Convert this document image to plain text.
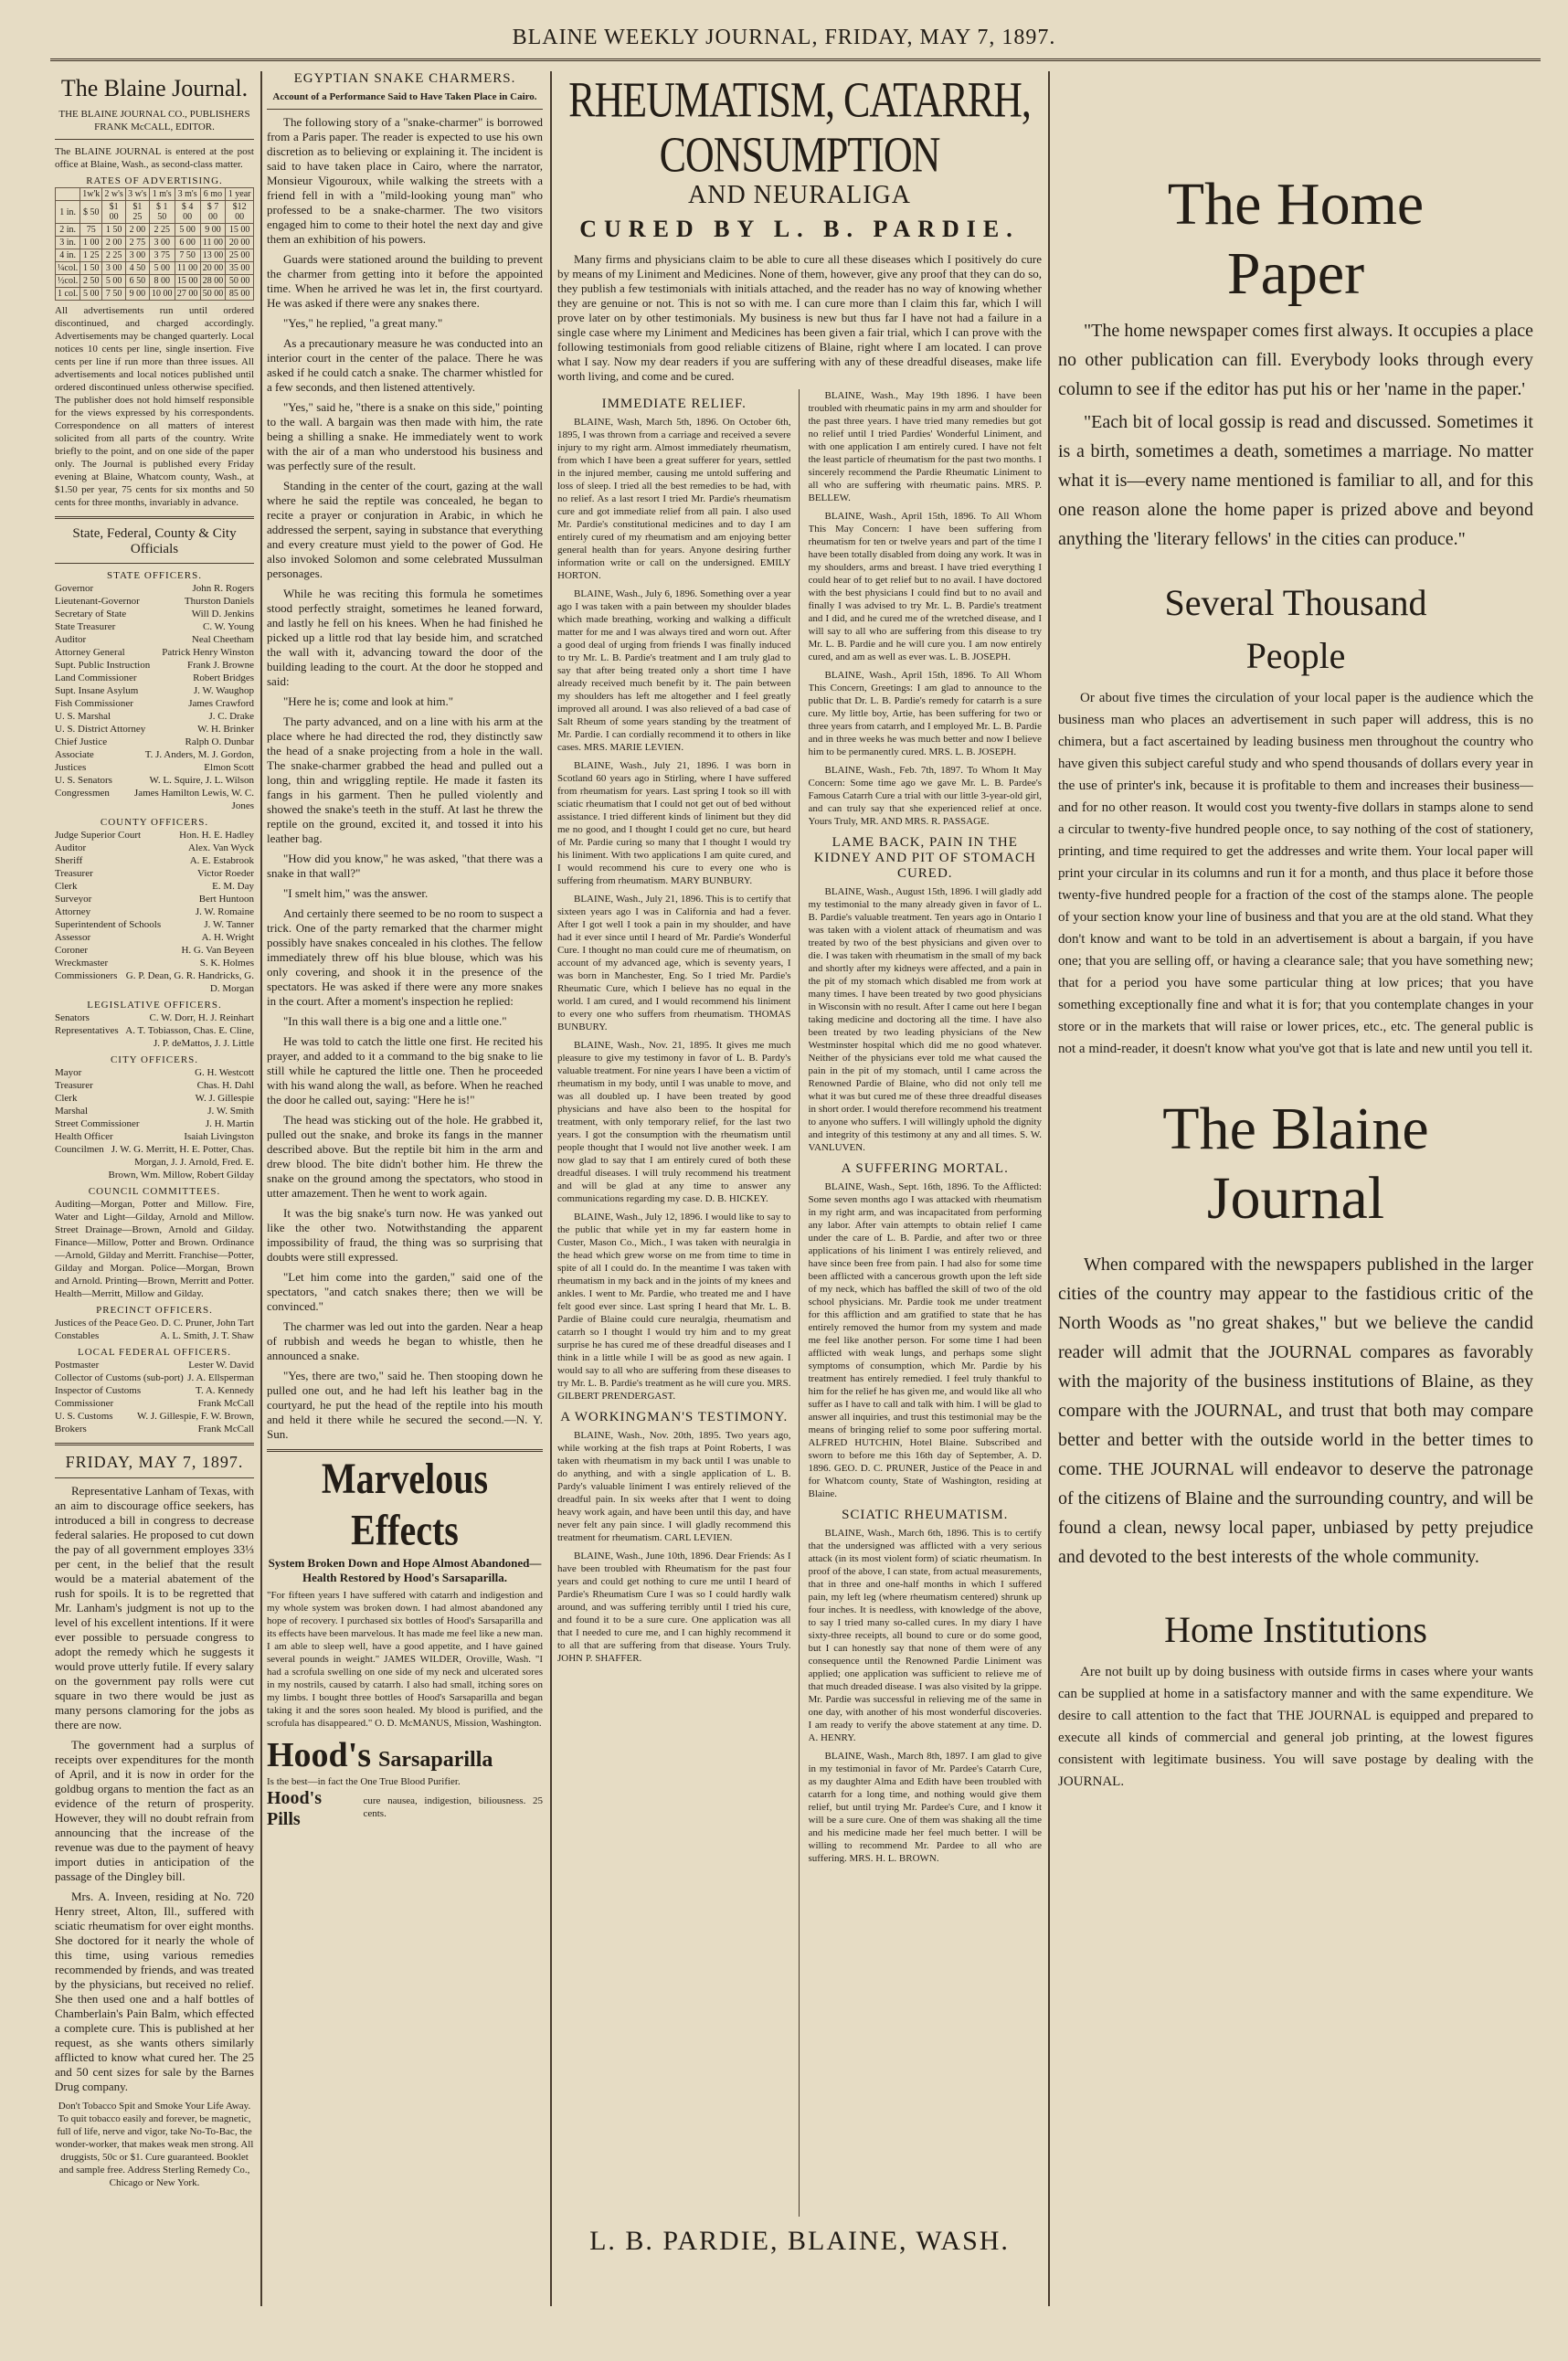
BLAINE WEEKLY JOURNAL, FRIDAY, MAY 7, 1897.
The Blaine Journal.
THE BLAINE JOURNAL CO., PUBLISHERS
FRANK McCALL, EDITOR.
The BLAINE JOURNAL is entered at the post office at Blaine, Wash., as second-class matter.
RATES OF ADVERTISING.
	1w'k	2 w's	3 w's	1 m's	3 m's	6 mo	1 year
1 in.	$ 50	$1 00	$1 25	$ 1 50	$ 4 00	$ 7 00	$12 00
2 in.	75	1 50	2 00	2 25	5 00	9 00	15 00
3 in.	1 00	2 00	2 75	3 00	6 00	11 00	20 00
4 in.	1 25	2 25	3 00	3 75	7 50	13 00	25 00
¼col.	1 50	3 00	4 50	5 00	11 00	20 00	35 00
½col.	2 50	5 00	6 50	8 00	15 00	28 00	50 00
1 col.	5 00	7 50	9 00	10 00	27 00	50 00	85 00
All advertisements run until ordered discontinued, and charged accordingly. Advertisements may be changed quarterly. Local notices 10 cents per line, single insertion. Five cents per line if run more than three issues. All advertisements and local notices published until ordered discontinued unless otherwise specified. The publisher does not hold himself responsible for the views expressed by his correspondents. Correspondence on all matters of interest solicited from all parts of the country. Write briefly to the point, and on one side of the paper only. The Journal is published every Friday evening at Blaine, Whatcom county, Wash., at $1.50 per year, 75 cents for six months and 50 cents for three months, invariably in advance.
State, Federal, County & City Officials
STATE OFFICERS.
Governor	John R. Rogers
Lieutenant-Governor	Thurston Daniels
Secretary of State	Will D. Jenkins
State Treasurer	C. W. Young
Auditor	Neal Cheetham
Attorney General	Patrick Henry Winston
Supt. Public Instruction	Frank J. Browne
Land Commissioner	Robert Bridges
Supt. Insane Asylum	J. W. Waughop
Fish Commissioner	James Crawford
U. S. Marshal	J. C. Drake
U. S. District Attorney	W. H. Brinker
Chief Justice	Ralph O. Dunbar
Associate Justices
T. J. Anders, M. J. Gordon, Elmon Scott
U. S. Senators	W. L. Squire, J. L. Wilson
Congressmen	James Hamilton Lewis, W. C. Jones
COUNTY OFFICERS.
Judge Superior Court	Hon. H. E. Hadley
Auditor	Alex. Van Wyck
Sheriff	A. E. Estabrook
Treasurer	Victor Roeder
Clerk	E. M. Day
Surveyor	Bert Huntoon
Attorney	J. W. Romaine
Superintendent of Schools	J. W. Tanner
Assessor	A. H. Wright
Coroner	H. G. Van Beyeen
Wreckmaster	S. K. Holmes
Commissioners G. P. Dean, G. R. Handricks, G. D. Morgan
LEGISLATIVE OFFICERS.
Senators	C. W. Dorr, H. J. Reinhart
Representatives A. T. Tobiasson, Chas. E. Cline, J. P. deMattos, J. J. Little
CITY OFFICERS.
Mayor	G. H. Westcott
Treasurer	Chas. H. Dahl
Clerk	W. J. Gillespie
Marshal	J. W. Smith
Street Commissioner	J. H. Martin
Health Officer	Isaiah Livingston
Councilmen J. W. G. Merritt, H. E. Potter, Chas. Morgan, J. J. Arnold, Fred. E. Brown, Wm. Millow, Robert Gilday
COUNCIL COMMITTEES.
Auditing—Morgan, Potter and Millow. Fire, Water and Light—Gilday, Arnold and Millow. Street Drainage—Brown, Arnold and Gilday. Finance—Millow, Potter and Brown. Ordinance—Arnold, Gilday and Merritt. Franchise—Potter, Gilday and Morgan. Police—Morgan, Brown and Arnold. Printing—Brown, Merritt and Potter. Health—Merritt, Millow and Gilday.
PRECINCT OFFICERS.
Justices of the Peace Geo. D. C. Pruner, John Tart
Constables	A. L. Smith, J. T. Shaw
LOCAL FEDERAL OFFICERS.
Postmaster	Lester W. David
Collector of Customs (sub-port) J. A. Ellsperman
Inspector of Customs	T. A. Kennedy
Commissioner	Frank McCall
U. S. Customs Brokers
W. J. Gillespie, F. W. Brown, Frank McCall
FRIDAY, MAY 7, 1897.

Representative Lanham of Texas, with an aim to discourage office seekers, has introduced a bill in congress to decrease federal salaries. He proposed to cut down the pay of all government employes 33⅓ per cent, in the belief that the result would be a material abatement of the rush for spoils. It is to be regretted that Mr. Lanham's judgment is not up to the level of his excellent intentions. If it were ever possible to persuade congress to adopt the remedy which he suggests it would prove utterly futile. If every salary on the government pay rolls were cut square in two there would be just as many persons clamoring for the jobs as there are now.

The government had a surplus of receipts over expenditures for the month of April, and it is now in order for the goldbug organs to mention the fact as an evidence of the return of prosperity. However, they will no doubt refrain from announcing that the increase of the revenue was due to the payment of heavy import duties in anticipation of the passage of the Dingley bill.

Mrs. A. Inveen, residing at No. 720 Henry street, Alton, Ill., suffered with sciatic rheumatism for over eight months. She doctored for it nearly the whole of this time, using various remedies recommended by friends, and was treated by the physicians, but received no relief. She then used one and a half bottles of Chamberlain's Pain Balm, which effected a complete cure. This is published at her request, as she wants others similarly afflicted to know what cured her. The 25 and 50 cent sizes for sale by the Barnes Drug company.

Don't Tobacco Spit and Smoke Your Life Away. To quit tobacco easily and forever, be magnetic, full of life, nerve and vigor, take No-To-Bac, the wonder-worker, that makes weak men strong. All druggists, 50c or $1. Cure guaranteed. Booklet and sample free. Address Sterling Remedy Co., Chicago or New York.
EGYPTIAN SNAKE CHARMERS.
Account of a Performance Said to Have Taken Place in Cairo.

The following story of a "snake-charmer" is borrowed from a Paris paper. The reader is expected to use his own discretion as to believing or explaining it. The incident is said to have taken place in Cairo, where the narrator, Monsieur Vigouroux, while walking the streets with a friend fell in with a "mild-looking young man" who professed to be a snake-charmer. The two visitors engaged him to come to their hotel the next day and give them an exhibition of his powers.

Guards were stationed around the building to prevent the charmer from getting into it before the appointed time. When he arrived he was let in, the first courtyard. He was asked if there were any snakes there.

"Yes," he replied, "a great many."

As a precautionary measure he was conducted into an interior court in the center of the palace. There he was asked if he could catch a snake. The charmer whistled for a few seconds, and then listened attentively.

"Yes," said he, "there is a snake on this side," pointing to the wall. A bargain was then made with him, the rate being a shilling a snake. He immediately went to work with the air of a man who understood his business and was perfectly sure of the result.

Standing in the center of the court, gazing at the wall where he said the reptile was concealed, he began to recite a prayer or conjuration in Arabic, in which he addressed the serpent, saying in substance that everything and every creature must yield to the power of God. He also invoked Solomon and some celebrated Mussulman personages.

While he was reciting this formula he sometimes stood perfectly straight, sometimes he leaned forward, and lastly he fell on his knees. When he had finished he picked up a little rod that lay beside him, and scratched the wall with it, advancing toward the door of the building leading to the court. At the door he stopped and said:

"Here he is; come and look at him."

The party advanced, and on a line with his arm at the place where he had directed the rod, they distinctly saw the head of a snake projecting from a hole in the wall. The snake-charmer grabbed the head and pulled out a long, thin and wriggling reptile. He made it fasten its fangs in his garment. Then he pulled violently and showed the snake's teeth in the stuff. At last he threw the reptile on the ground, excited it, and tossed it into his leather bag.

"How did you know," he was asked, "that there was a snake in that wall?"

"I smelt him," was the answer.

And certainly there seemed to be no room to suspect a trick. One of the party remarked that the charmer might possibly have snakes concealed in his clothes. The fellow immediately threw off his blue blouse, which was his only covering, and shook it in the presence of the spectators. He was asked if there were any more snakes in the court. After a moment's inspection he replied:

"In this wall there is a big one and a little one."

He was told to catch the little one first. He recited his prayer, and added to it a command to the big snake to lie still while he captured the little one. Then he proceeded with his wand along the wall, as before. When he reached the door he called out, saying: "Here he is!"

The head was sticking out of the hole. He grabbed it, pulled out the snake, and broke its fangs in the manner described above. But the reptile bit him in the arm and drew blood. The bite didn't bother him. He threw the snake on the ground among the spectators, who stood in utter amazement. Then he went to work again.

It was the big snake's turn now. He was yanked out like the other two. Notwithstanding the apparent impossibility of fraud, the thing was so surprising that doubts were still expressed.

"Let him come into the garden," said one of the spectators, "and catch snakes there; then we will be convinced."

The charmer was led out into the garden. Near a heap of rubbish and weeds he began to whistle, then he announced a snake.

"Yes, there are two," said he. Then stooping down he pulled one out, and he had left his leather bag in the courtyard, he put the head of the reptile into his mouth and held it there while he secured the second.—N. Y. Sun.

Marvelous Effects
System Broken Down and Hope Almost Abandoned—Health Restored by Hood's Sarsaparilla.
"For fifteen years I have suffered with catarrh and indigestion and my whole system was broken down. I had almost abandoned any hope of recovery. I purchased six bottles of Hood's Sarsaparilla and its effects have been marvelous. It has made me feel like a new man. I am able to sleep well, have a good appetite, and I have gained several pounds in weight." JAMES WILDER, Oroville, Wash. "I had a scrofula swelling on one side of my neck and ulcerated sores in my nostrils, caused by catarrh. I also had small, itching sores on my limbs. I bought three bottles of Hood's Sarsaparilla and began taking it and the sores soon healed. My blood is purified, and the scrofula has disappeared." O. D. McMANUS, Mission, Washington.
Hood's Sarsaparilla
Is the best—in fact the One True Blood Purifier.
Hood's Pills
cure nausea, indigestion, biliousness. 25 cents.
RHEUMATISM, CATARRH, CONSUMPTION
AND NEURALIGA
CURED BY L. B. PARDIE.

Many firms and physicians claim to be able to cure all these diseases which I positively do cure by means of my Liniment and Medicines. None of them, however, give any proof that they can do so, they publish a few testimonials with initials attached, and the reader has no way of knowing whether they are genuine or not. This is not so with me. I can cure more than I claim this far, which I will prove later on by other testimonials. My business is new but thus far I have not had a failure in a single case where my Liniment and Medicines has been given a fair trial, which I can prove with the following testimonials from good reliable citizens of Blaine, right where I am located. I can prove what I say. Now my dear readers if you are suffering with any of these dreadful diseases, make life worth living, and come and be cured.

IMMEDIATE RELIEF.

BLAINE, Wash, March 5th, 1896. On October 6th, 1895, I was thrown from a carriage and received a severe injury to my right arm. Almost immediately rheumatism, from which I have been a great sufferer for years, settled in the injured member, causing me untold suffering and loss of sleep. I tried all the best remedies to be had, with no relief. As a last resort I tried Mr. Pardie's rheumatism cure and got immediate relief from all pain. I also used Mr. Pardie's constitutional medicines and to day I am entirely cured of my rheumatism and am enjoying better general health than for years. Anyone desiring further information write or call on the undersigned. EMILY HORTON.

BLAINE, Wash., July 6, 1896. Something over a year ago I was taken with a pain between my shoulder blades which made breathing, working and walking a difficult matter for me and I was always tired and worn out. After a good deal of urging from friends I was finally induced to try Mr. L. B. Pardie's treatment and I am truly glad to say that after being treated only a short time I have already received much benefit by it. The pain between my shoulders has left me altogether and I feel greatly improved all around. I was also relieved of a bad case of Salt Rheum of some years standing by the treatment of Mr. Pardie. I can cordially recommend it to others in like cases. MRS. MARIE LEVIEN.

BLAINE, Wash., July 21, 1896. I was born in Scotland 60 years ago in Stirling, where I have suffered from rheumatism for years. Last spring I took so ill with sciatic rheumatism that I could not get out of bed without assistance. I tried different kinds of liniment but they did me no good, and I thought I could get no cure, but heard of Mr. Pardie curing so many that I thought I would try his liniment. With two applications I am quite cured, and I would recommend his cure to every one who is suffering from rheumatism. MARY BUNBURY.

BLAINE, Wash., July 21, 1896. This is to certify that sixteen years ago I was in California and had a fever. After I got well I took a pain in my shoulder, and have had it ever since until I heard of Mr. Pardie's Wonderful Cure. I thought no man could cure me of rheumatism, on account of my advanced age, which is seventy years, I was born in Manchester, Eng. So I tried Mr. Pardie's Rheumatic Cure, which I believe has no equal in the world. I am cured, and I would recommend his liniment to every one who suffers from rheumatism. THOMAS BUNBURY.

BLAINE, Wash., Nov. 21, 1895. It gives me much pleasure to give my testimony in favor of L. B. Pardy's valuable treatment. For nine years I have been a victim of rheumatism in my body, until I was unable to move, and was all doubled up. I have been treated by good physicians and have also been to the hospital for treatment, with only temporary relief, for the last two years. I got the consumption with the rheumatism until people thought that I would not live another week. I am now glad to say that I am entirely cured of both these dreadful diseases. I will truly recommend his treatment and will be glad at any time to answer any communications regarding my case. D. B. HICKEY.

BLAINE, Wash., July 12, 1896. I would like to say to the public that while yet in my far eastern home in Custer, Mason Co., Mich., I was taken with neuralgia in the head which grew worse on me from time to time in spite of all I could do. In the meantime I was taken with rheumatism in my back and in the joints of my knees and ankles. I went to Mr. Pardie, who treated me and I have felt good ever since. Last spring I heard that Mr. L. B. Pardie of Blaine could cure neuralgia, rheumatism and catarrh so I thought I would try him and to my great surprise he has cured me of these dreadful diseases and I think in a little while I will be as good as new again. I would say to all who are suffering from these diseases to try Mr. L. B. Pardie's treatment as he will cure you. MRS. GILBERT PRENDERGAST.

A WORKINGMAN'S TESTIMONY.

BLAINE, Wash., Nov. 20th, 1895. Two years ago, while working at the fish traps at Point Roberts, I was taken with rheumatism in my back until I was unable to do anything, and with a single application of L. B. Pardy's valuable liniment I was entirely relieved of the dreadful pain. In six weeks after that I went to doing heavy work again, and have been until this day, and have never felt any pain since. I will gladly recommend this treatment for rheumatism. CARL LEVIEN.

BLAINE, Wash., June 10th, 1896. Dear Friends: As I have been troubled with Rheumatism for the past four years and could get nothing to cure me until I heard of Pardie's Rheumatism Cure I was so I could hardly walk around, and was suffering terribly until I tried his cure, and found it to be a sure cure. One application was all that I needed to cure me, and I can highly recommend it to all that are suffering from that disease. Yours Truly. JOHN P. SHAFFER.

BLAINE, Wash., May 19th 1896. I have been troubled with rheumatic pains in my arm and shoulder for the past three years. I have tried many remedies but got no relief until I tried Pardies' Wonderful Liniment, and with one application I am entirely cured. I have not felt the least particle of rheumatism for the past two months. I sincerely recommend the Pardie Rheumatic Liniment to all who are suffering with rheumatic pains. MRS. P. BELLEW.

BLAINE, Wash., April 15th, 1896. To All Whom This May Concern: I have been suffering from rheumatism for ten or twelve years and part of the time I have been totally disabled from doing any work. It was in my shoulders, arms and breast. I have tried everything I could hear of to get relief but to no avail. I have doctored with the best physicians I could find but to no avail and finally I was advised to try Mr. L. B. Pardie's treatment and I did, and he cured me of the wretched disease, and I will say to all who are suffering from this disease to try Mr. L. B. Pardie and he will cure you. I am now entirely cured, and am as well as ever was. L. B. JOSEPH.

BLAINE, Wash., April 15th, 1896. To All Whom This Concern, Greetings: I am glad to announce to the public that Dr. L. B. Pardie's remedy for catarrh is a sure cure. My little boy, Artie, has been suffering for two or three years from catarrh, and I employed Mr. L. B. Pardie and in three weeks he was much better and now I believe him to be permanently cured. MRS. L. B. JOSEPH.

BLAINE, Wash., Feb. 7th, 1897. To Whom It May Concern: Some time ago we gave Mr. L. B. Pardee's Famous Catarrh Cure a trial with our little 3-year-old girl, and can truly say that she experienced relief at once. Yours Truly, MR. AND MRS. R. PASSAGE.

LAME BACK, PAIN IN THE KIDNEY AND PIT OF STOMACH CURED.

BLAINE, Wash., August 15th, 1896. I will gladly add my testimonial to the many already given in favor of L. B. Pardie's valuable treatment. Ten years ago in Ontario I was taken with a violent attack of rheumatism and was treated by two of the best physicians and given over to die. I was taken with rheumatism in the small of my back and shortly after my kidneys were affected, and a pain in the pit of my stomach which disabled me from work at many times. I have been treated by two good physicians in Wisconsin with no result. After I came out here I began taking medicine and doctoring all the time. I have also been treated by two leading physicians of the New Westminster hospital which did me no good whatever. Neither of the physicians ever told me what caused the pain in the pit of my stomach, until I came across the Renowned Pardie of Blaine, who did not only tell me what it was but cured me of these three dreadful diseases in short order. I would therefore recommend his treatment to anyone who suffers. I will willingly uphold the dignity and integrity of this testimony at any and all times. S. W. VANLUVEN.

A SUFFERING MORTAL.

BLAINE, Wash., Sept. 16th, 1896. To the Afflicted: Some seven months ago I was attacked with rheumatism in my right arm, and was incapacitated from performing any labor. After vain attempts to obtain relief I came under the care of L. B. Pardie, and after two or three applications of his liniment I was entirely relieved, and have since been free from pain. I had also for some time been afflicted with a cancerous growth upon the left side of my neck, which has baffled the skill of two of the old school physicians. Mr. Pardie took me under treatment for this affliction and am gratified to state that he has entirely removed the humor from my system and made me feel like another person. For some time I had been afflicted with weak lungs, and perhaps some slight symptoms of consumption, which Mr. Pardie by his treatment has entirely remedied. I feel truly thankful to him for the relief he has given me, and would like all who suffer as I have to call and talk with him. I will be glad to answer all inquiries, and trust this testimonial may be the means of bringing relief to some poor suffering mortal. ALFRED HUTCHIN, Hotel Blaine. Subscribed and sworn to before me this 16th day of September, A. D. 1896. GEO. D. C. PRUNER, Justice of the Peace in and for Whatcom county, State of Washington, residing at Blaine.

SCIATIC RHEUMATISM.

BLAINE, Wash., March 6th, 1896. This is to certify that the undersigned was afflicted with a very serious attack (in its most violent form) of sciatic rheumatism. In proof of the above, I can state, from actual measurements, that in three and one-half months in which I suffered pain, my left leg (where rheumatism centered) shrunk up four inches. It is needless, with knowledge of the above, to say I tried many so-called cures. In my diary I have sixty-three receipts, all bound to cure or do some good, but I can honestly say that none of them were of any consequence until the Renowned Pardie Liniment was applied; one application was sufficient to relieve me of that much dreaded disease. I was also visited by la grippe. Mr. Pardie was successful in relieving me of the same in one day, with another of his most wonderful discoveries. I am ready to verify the above statement at any time. D. A. HENRY.

BLAINE, Wash., March 8th, 1897. I am glad to give in my testimonial in favor of Mr. Pardee's Catarrh Cure, as my daughter Alma and Edith have been troubled with catarrh for a long time, and nothing would give them relief, but until trying Mr. Pardee's Cure, and I know it will be a sure cure. One of them was shaking all the time and his medicine made her feel much better. I will be willing to recommend Mr. Pardee to all who are suffering. MRS. H. L. BROWN.

L. B. PARDIE, BLAINE, WASH.
The Home
Paper

"The home newspaper comes first always. It occupies a place no other publication can fill. Everybody looks through every column to see if the editor has put his or her 'name in the paper.'

"Each bit of local gossip is read and discussed. Sometimes it is a birth, sometimes a death, sometimes a marriage. No matter what it is—every name mentioned is familiar to all, and for this one reason alone the home paper is prized above and beyond anything the 'literary fellows' in the cities can produce."

Several Thousand
People

Or about five times the circulation of your local paper is the audience which the business man who places an advertisement in such paper will address, this is no chimera, but a fact ascertained by leading business men throughout the country who have given this subject careful study and who spend thousands of dollars every year in the use of printer's ink, because it is profitable to them and increases their business—and for no other reason. It would cost you twenty-five dollars in stamps alone to send a circular to twenty-five hundred people once, to say nothing of the cost of stationery, printing, and time required to get the addresses and write them. Your local paper will print your circular in its columns and run it for a month, and thus place it before those twenty-five hundred people for a fraction of the cost of the stamps alone. The people of your section know your line of business and that you are at the old stand. What they don't know and want to be told in an advertisement is about a bargain, if you have one; that you are selling off, or having a clearance sale; that you have something new; that for a period you have some particular thing at low prices; that you have something exceptionally fine and what it is for; that you contemplate changes in your store or in the markets that will raise or lower prices, etc., etc. The general public is not a mind-reader, it doesn't know what you've got that is late and new until you tell it.

The Blaine
Journal

When compared with the newspapers published in the larger cities of the country may appear to the fastidious critic of the North Woods as "no great shakes," but we believe the candid reader will admit that the JOURNAL compares as favorably with the majority of the business institutions of Blaine, as they compare with the JOURNAL, and trust that both may compare better and better with the outside world in the better times to come. THE JOURNAL will endeavor to deserve the patronage of the citizens of Blaine and the surrounding country, and will be found a clean, newsy local paper, unbiased by petty prejudice and devoted to the best interests of the whole community.

Home Institutions

Are not built up by doing business with outside firms in cases where your wants can be supplied at home in a satisfactory manner and with the same expenditure. We desire to call attention to the fact that THE JOURNAL is equipped and prepared to execute all kinds of commercial and general job printing, at the lowest figures consistent with legitimate business. You will save postage by dealing with the JOURNAL.
